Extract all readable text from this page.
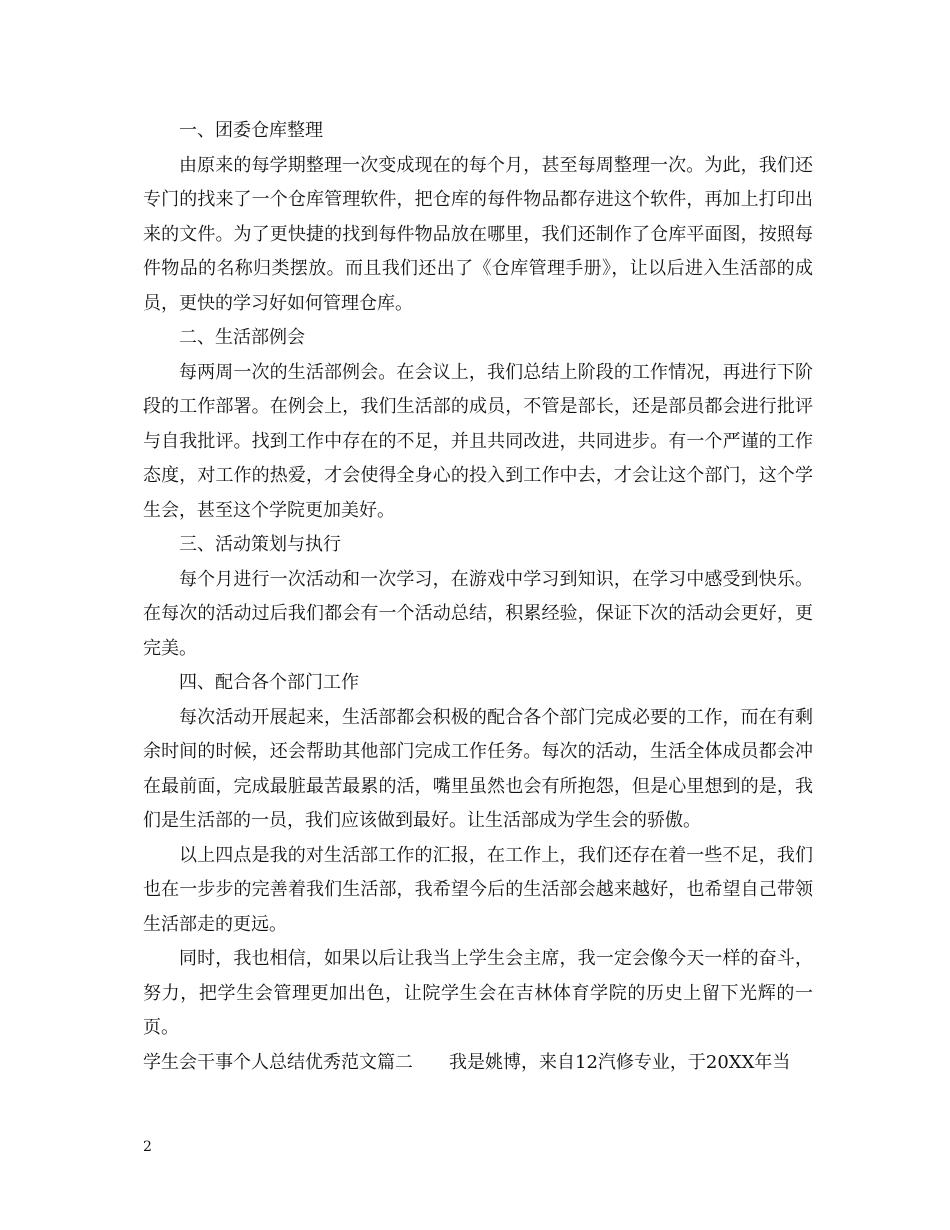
一、团委仓库整理

由原来的每学期整理一次变成现在的每个月，甚至每周整理一次。为此，我们还专门的找来了一个仓库管理软件，把仓库的每件物品都存进这个软件，再加上打印出来的文件。为了更快捷的找到每件物品放在哪里，我们还制作了仓库平面图，按照每件物品的名称归类摆放。而且我们还出了《仓库管理手册》，让以后进入生活部的成员，更快的学习好如何管理仓库。

二、生活部例会

每两周一次的生活部例会。在会议上，我们总结上阶段的工作情况，再进行下阶段的工作部署。在例会上，我们生活部的成员，不管是部长，还是部员都会进行批评与自我批评。找到工作中存在的不足，并且共同改进，共同进步。有一个严谨的工作态度，对工作的热爱，才会使得全身心的投入到工作中去，才会让这个部门，这个学生会，甚至这个学院更加美好。

三、活动策划与执行

每个月进行一次活动和一次学习，在游戏中学习到知识，在学习中感受到快乐。在每次的活动过后我们都会有一个活动总结，积累经验，保证下次的活动会更好，更完美。

四、配合各个部门工作

每次活动开展起来，生活部都会积极的配合各个部门完成必要的工作，而在有剩余时间的时候，还会帮助其他部门完成工作任务。每次的活动，生活全体成员都会冲在最前面，完成最脏最苦最累的活，嘴里虽然也会有所抱怨，但是心里想到的是，我们是生活部的一员，我们应该做到最好。让生活部成为学生会的骄傲。

以上四点是我的对生活部工作的汇报，在工作上，我们还存在着一些不足，我们也在一步步的完善着我们生活部，我希望今后的生活部会越来越好，也希望自己带领生活部走的更远。

同时，我也相信，如果以后让我当上学生会主席，我一定会像今天一样的奋斗，努力，把学生会管理更加出色，让院学生会在吉林体育学院的历史上留下光辉的一页。

学生会干事个人总结优秀范文篇二 我是姚博，来自12汽修专业，于20XX年当

2
